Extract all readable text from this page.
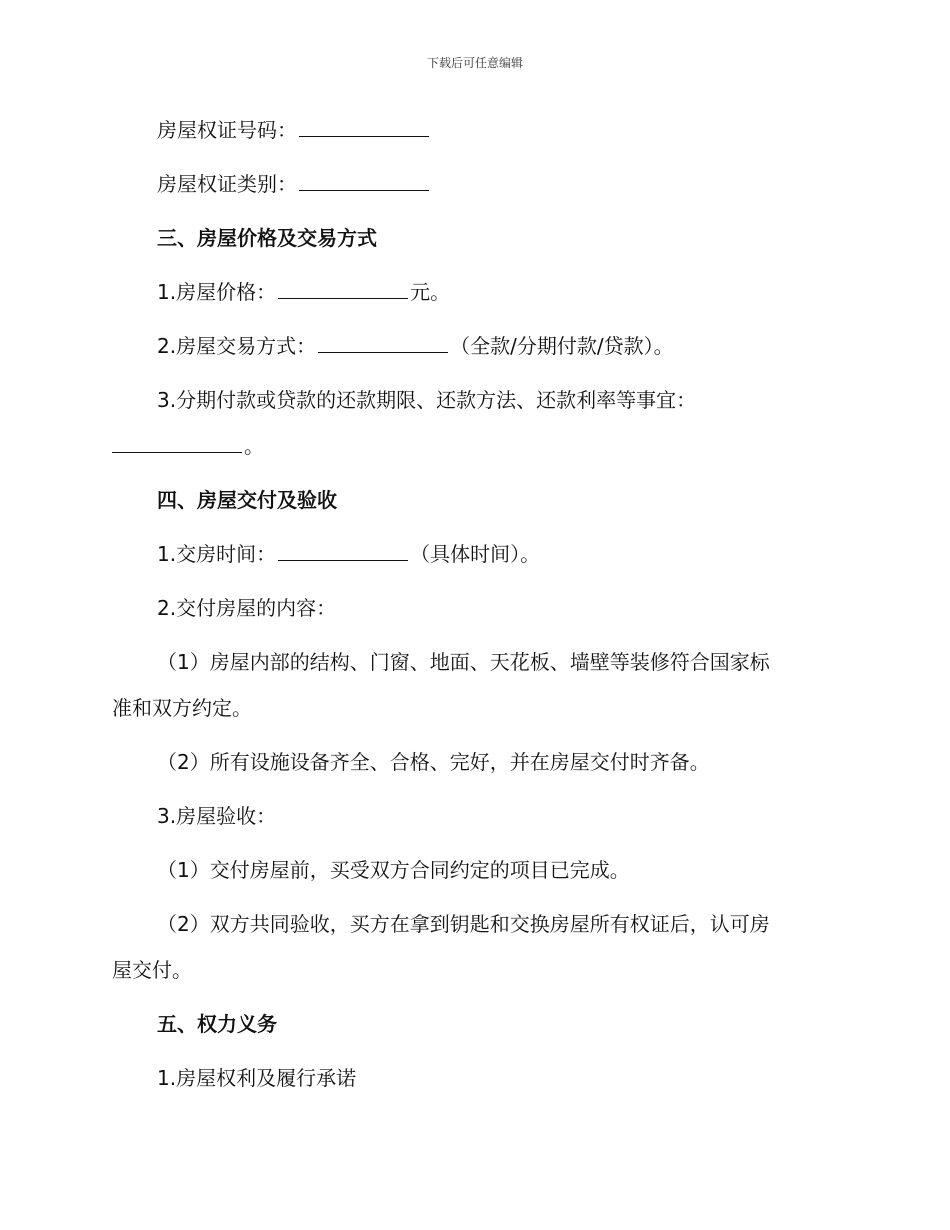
下载后可任意编辑
房屋权证号码：
房屋权证类别：
三、房屋价格及交易方式
1.房屋价格：	元。
2.房屋交易方式：	（全款/分期付款/贷款）。
3.分期付款或贷款的还款期限、还款方法、还款利率等事宜：
。
四、房屋交付及验收
1.交房时间：	（具体时间）。
2.交付房屋的内容：
（1）房屋内部的结构、门窗、地面、天花板、墙壁等装修符合国家标
准和双方约定。
（2）所有设施设备齐全、合格、完好，并在房屋交付时齐备。
3.房屋验收：
（1）交付房屋前，买受双方合同约定的项目已完成。
（2）双方共同验收，买方在拿到钥匙和交换房屋所有权证后，认可房
屋交付。
五、权力义务
1.房屋权利及履行承诺
